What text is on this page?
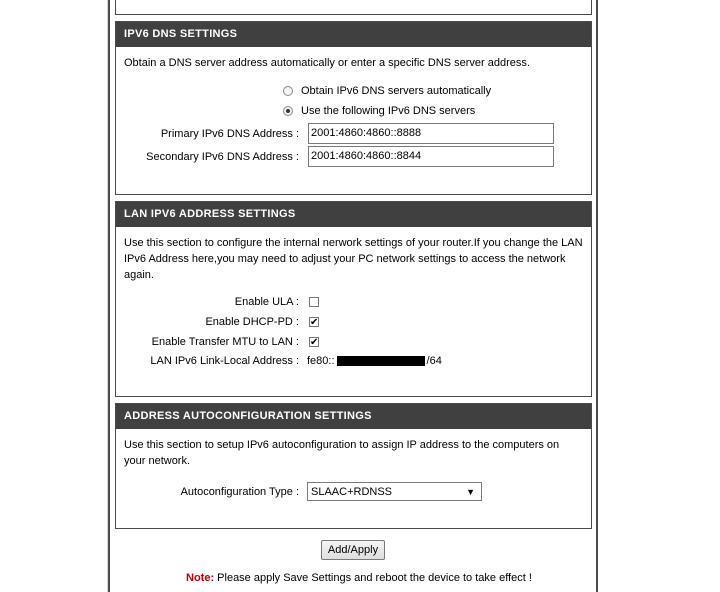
IPV6 DNS SETTINGS

Obtain a DNS server address automatically or enter a specific DNS server address.

Obtain IPv6 DNS servers automatically
Use the following IPv6 DNS servers
Primary IPv6 DNS Address : 2001:4860:4860::8888
Secondary IPv6 DNS Address : 2001:4860:4860::8844
LAN IPV6 ADDRESS SETTINGS

Use this section to configure the internal nerwork settings of your router.If you change the LAN IPv6 Address here,you may need to adjust your PC network settings to access the network again.

Enable ULA :
Enable DHCP-PD : ✔
Enable Transfer MTU to LAN : ✔
LAN IPv6 Link-Local Address : fe80::	/64
ADDRESS AUTOCONFIGURATION SETTINGS

Use this section to setup IPv6 autoconfiguration to assign IP address to the computers on your network.

Autoconfiguration Type : SLAAC+RDNSS	▼
Add/Apply
Note: Please apply Save Settings and reboot the device to take effect !
